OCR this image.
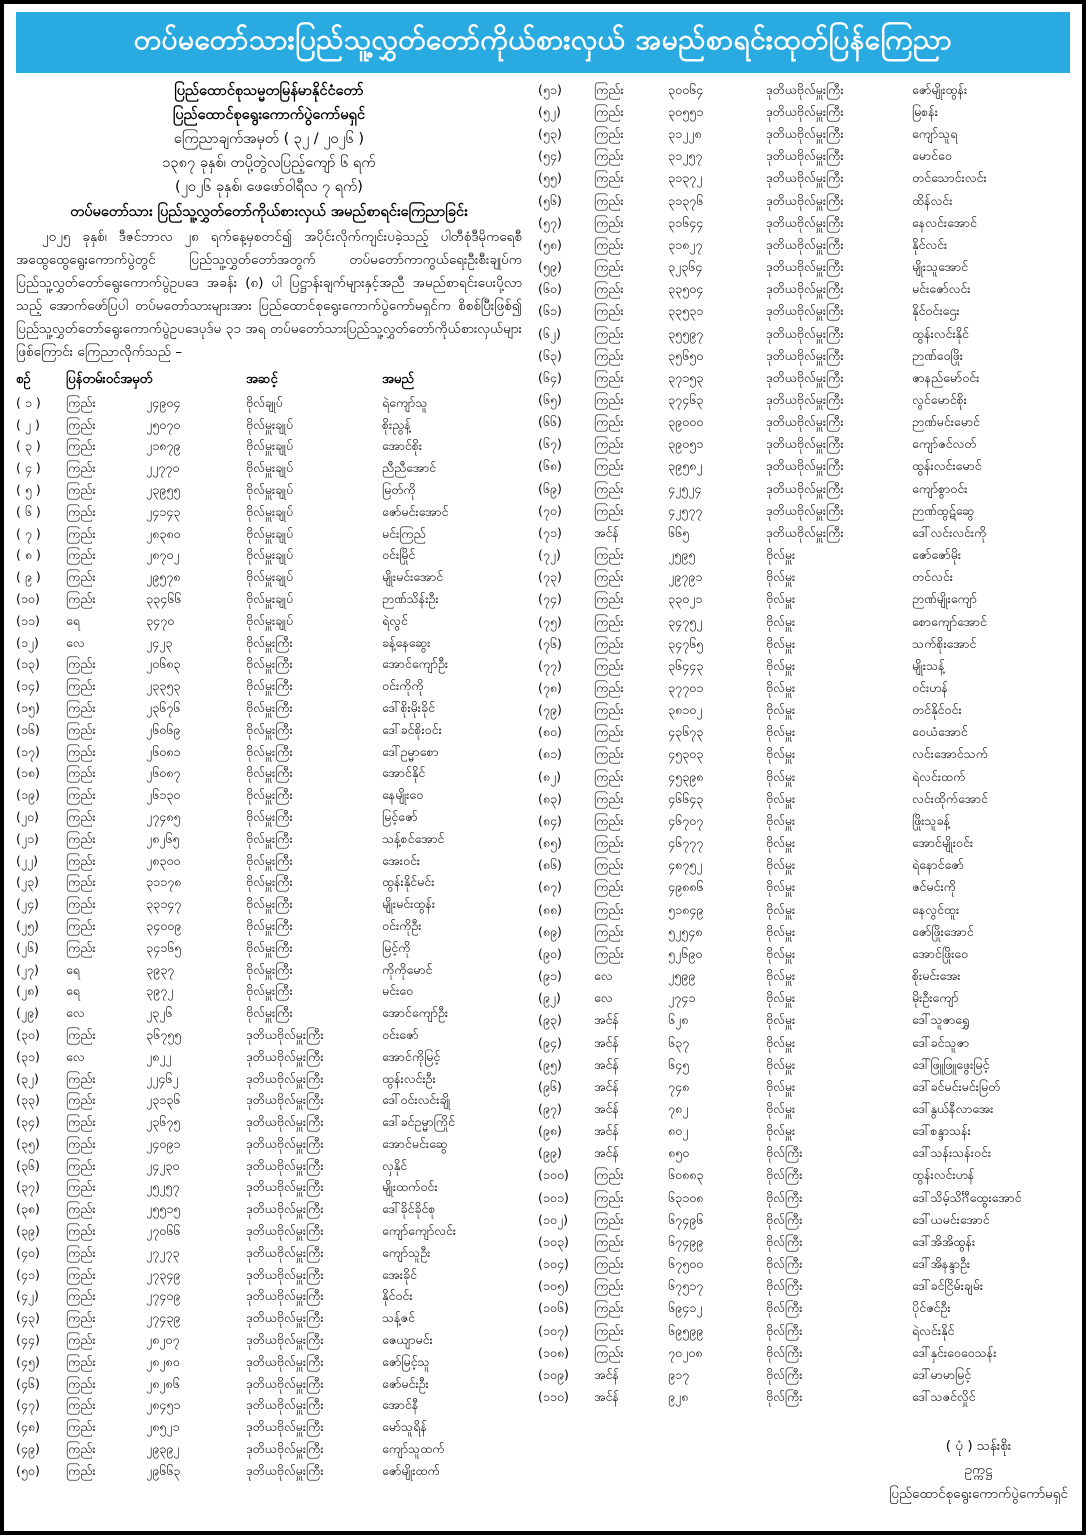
တပ်မတော်သားပြည်သူ့လွှတ်တော်ကိုယ်စားလှယ် အမည်စာရင်းထုတ်ပြန်ကြေညာ
ပြည်ထောင်စုသမ္မတမြန်မာနိုင်ငံတော်
ပြည်ထောင်စုရွေးကောက်ပွဲကော်မရှင်
ကြေညာချက်အမှတ် ( ၃၂ / ၂၀၂၆ )
၁၃၈၇ ခုနှစ်၊ တပို့တွဲလပြည့်ကျော် ၆ ရက်
(၂၀၂၆ ခုနှစ်၊ ဖေဖော်ဝါရီလ ၇ ရက်)
တပ်မတော်သား ပြည်သူ့လွှတ်တော်ကိုယ်စားလှယ် အမည်စာရင်းကြေညာခြင်း
၂၀၂၅ ခုနှစ်၊ ဒီဇင်ဘာလ ၂၈ ရက်နေ့မှစတင်၍ အပိုင်းလိုက်ကျင်းပခဲ့သည့် ပါတီစုံဒီမိုကရေစီ အထွေထွေရွေးကောက်ပွဲတွင် ပြည်သူ့လွှတ်တော်အတွက် တပ်မတော်ကာကွယ်ရေးဦးစီးချုပ်က ပြည်သူ့လွှတ်တော်ရွေးကောက်ပွဲဥပဒေ အခန်း (၈) ပါ ပြဋ္ဌာန်းချက်များနှင့်အညီ အမည်စာရင်းပေးပို့လာသည့် အောက်ဖော်ပြပါ တပ်မတော်သားများအား ပြည်ထောင်စုရွေးကောက်ပွဲကော်မရှင်က စိစစ်ပြီးဖြစ်၍ ပြည်သူ့လွှတ်တော်ရွေးကောက်ပွဲဥပဒေပုဒ်မ ၃၁ အရ တပ်မတော်သားပြည်သူ့လွှတ်တော်ကိုယ်စားလှယ်များဖြစ်ကြောင်း ကြေညာလိုက်သည် –
စဉ်	ပြန်တမ်းဝင်အမှတ်	အဆင့်	အမည်
( ၁ )	ကြည်း	၂၄၉၀၄	ဗိုလ်ချုပ်	ရဲကျော်သူ
( ၂ )	ကြည်း	၂၅၀၇၀	ဗိုလ်မှူးချုပ်	စိုးညွန့်
( ၃ )	ကြည်း	၂၁၈၇၉	ဗိုလ်မှူးချုပ်	အောင်စိုး
( ၄ )	ကြည်း	၂၂၇၇၀	ဗိုလ်မှူးချုပ်	ညီညီအောင်
( ၅ )	ကြည်း	၂၃၉၅၅	ဗိုလ်မှူးချုပ်	မြတ်ကို
( ၆ )	ကြည်း	၂၄၁၄၃	ဗိုလ်မှူးချုပ်	ဇော်မင်းအောင်
( ၇ )	ကြည်း	၂၈၃၈၀	ဗိုလ်မှူးချုပ်	မင်းကြည်
( ၈ )	ကြည်း	၂၈၇၀၂	ဗိုလ်မှူးချုပ်	ဝင်းမြိုင်
( ၉ )	ကြည်း	၂၉၅၇၈	ဗိုလ်မှူးချုပ်	မျိုးမင်းအောင်
(၁၀)	ကြည်း	၃၃၄၆၆	ဗိုလ်မှူးချုပ်	ဉာဏ်သိန်းဦး
(၁၁)	ရေ	၃၄၇၀	ဗိုလ်မှူးချုပ်	ရဲလွင်
(၁၂)	လေ	၂၄၂၃	ဗိုလ်မှူးကြီး	ခန့်နေဆွေး
(၁၃)	ကြည်း	၂၀၆၈၃	ဗိုလ်မှူးကြီး	အောင်ကျော်ဦး
(၁၄)	ကြည်း	၂၃၃၅၃	ဗိုလ်မှူးကြီး	ဝင်းကိုကို
(၁၅)	ကြည်း	၂၃၆၇၆	ဗိုလ်မှူးကြီး	ဒေါ်စိုးမိုးခိုင်
(၁၆)	ကြည်း	၂၆၀၆၉	ဗိုလ်မှူးကြီး	ဒေါ်ခင်စိုးဝင်း
(၁၇)	ကြည်း	၂၆၀၈၁	ဗိုလ်မှူးကြီး	ဒေါ်ဥမ္မာစော
(၁၈)	ကြည်း	၂၆၀၈၇	ဗိုလ်မှူးကြီး	အောင်နိုင်
(၁၉)	ကြည်း	၂၆၁၃၀	ဗိုလ်မှူးကြီး	နေမျိုးဝေ
(၂၀)	ကြည်း	၂၇၄၈၅	ဗိုလ်မှူးကြီး	မြင့်ဇော်
(၂၁)	ကြည်း	၂၈၂၆၅	ဗိုလ်မှူးကြီး	သန့်စင်အောင်
(၂၂)	ကြည်း	၂၈၃၀၀	ဗိုလ်မှူးကြီး	အေးဝင်း
(၂၃)	ကြည်း	၃၁၁၇၈	ဗိုလ်မှူးကြီး	ထွန်းနိုင်မင်း
(၂၄)	ကြည်း	၃၃၁၄၇	ဗိုလ်မှူးကြီး	မျိုးမင်းထွန်း
(၂၅)	ကြည်း	၃၄၀၀၉	ဗိုလ်မှူးကြီး	ဝင်းကိုဦး
(၂၆)	ကြည်း	၃၄၁၆၅	ဗိုလ်မှူးကြီး	မြင့်ကို
(၂၇)	ရေ	၃၉၃၇	ဗိုလ်မှူးကြီး	ကိုကိုမောင်
(၂၈)	ရေ	၃၉၇၂	ဗိုလ်မှူးကြီး	မင်းဝေ
(၂၉)	လေ	၂၃၂၆	ဗိုလ်မှူးကြီး	အောင်ကျော်ဦး
(၃၀)	ကြည်း	၃၆၇၅၅	ဒုတိယဗိုလ်မှူးကြီး	ဝင်းဇော်
(၃၁)	လေ	၂၈၂၂	ဒုတိယဗိုလ်မှူးကြီး	အောင်ကိုမြင့်
(၃၂)	ကြည်း	၂၂၄၆၂	ဒုတိယဗိုလ်မှူးကြီး	ထွန်းလင်းဦး
(၃၃)	ကြည်း	၂၃၁၃၆	ဒုတိယဗိုလ်မှူးကြီး	ဒေါ်ဝင်းလင်းချို
(၃၄)	ကြည်း	၂၃၆၇၅	ဒုတိယဗိုလ်မှူးကြီး	ဒေါ်ခင်ဥမ္မာကြိုင်
(၃၅)	ကြည်း	၂၄၀၉၁	ဒုတိယဗိုလ်မှူးကြီး	အောင်မင်းဆွေ
(၃၆)	ကြည်း	၂၄၂၃၀	ဒုတိယဗိုလ်မှူးကြီး	လှနိုင်
(၃၇)	ကြည်း	၂၅၂၅၇	ဒုတိယဗိုလ်မှူးကြီး	မျိုးထက်ဝင်း
(၃၈)	ကြည်း	၂၅၅၁၅	ဒုတိယဗိုလ်မှူးကြီး	ဒေါ်ခိုင်ခိုင်စု
(၃၉)	ကြည်း	၂၇၀၆၆	ဒုတိယဗိုလ်မှူးကြီး	ကျော်ကျော်လင်း
(၄၀)	ကြည်း	၂၇၂၇၃	ဒုတိယဗိုလ်မှူးကြီး	ကျော်သူဦး
(၄၁)	ကြည်း	၂၇၃၄၉	ဒုတိယဗိုလ်မှူးကြီး	အေးခိုင်
(၄၂)	ကြည်း	၂၇၄၀၉	ဒုတိယဗိုလ်မှူးကြီး	နိုင်ဝင်း
(၄၃)	ကြည်း	၂၇၄၃၉	ဒုတိယဗိုလ်မှူးကြီး	သန့်ဇင်
(၄၄)	ကြည်း	၂၈၂၀၇	ဒုတိယဗိုလ်မှူးကြီး	ဇေယျာမင်း
(၄၅)	ကြည်း	၂၈၂၈၀	ဒုတိယဗိုလ်မှူးကြီး	ဇော်မြင့်သူ
(၄၆)	ကြည်း	၂၈၂၈၆	ဒုတိယဗိုလ်မှူးကြီး	ဇော်မင်းဦး
(၄၇)	ကြည်း	၂၈၄၅၁	ဒုတိယဗိုလ်မှူးကြီး	အောင်နီ
(၄၈)	ကြည်း	၂၈၅၂၁	ဒုတိယဗိုလ်မှူးကြီး	မော်သူရိန်
(၄၉)	ကြည်း	၂၉၃၉၂	ဒုတိယဗိုလ်မှူးကြီး	ကျော်သူထက်
(၅၀)	ကြည်း	၂၉၆၆၃	ဒုတိယဗိုလ်မှူးကြီး	ဇော်မျိုးထက်
(၅၁)	ကြည်း	၃၀၀၆၄	ဒုတိယဗိုလ်မှူးကြီး	ဇော်မျိုးထွန်း
(၅၂)	ကြည်း	၃၀၅၅၁	ဒုတိယဗိုလ်မှူးကြီး	မြစန်း
(၅၃)	ကြည်း	၃၁၂၂၈	ဒုတိယဗိုလ်မှူးကြီး	ကျော်သူရ
(၅၄)	ကြည်း	၃၁၂၅၇	ဒုတိယဗိုလ်မှူးကြီး	မောင်ဝေ
(၅၅)	ကြည်း	၃၁၃၇၂	ဒုတိယဗိုလ်မှူးကြီး	တင်သောင်းလင်း
(၅၆)	ကြည်း	၃၁၃၇၆	ဒုတိယဗိုလ်မှူးကြီး	ထိန်လင်း
(၅၇)	ကြည်း	၃၁၆၄၄	ဒုတိယဗိုလ်မှူးကြီး	နေလင်းအောင်
(၅၈)	ကြည်း	၃၁၈၂၇	ဒုတိယဗိုလ်မှူးကြီး	နိုင်လင်း
(၅၉)	ကြည်း	၃၂၃၆၄	ဒုတိယဗိုလ်မှူးကြီး	မျိုးသူအောင်
(၆၀)	ကြည်း	၃၃၅၀၄	ဒုတိယဗိုလ်မှူးကြီး	မင်းဇော်လင်း
(၆၁)	ကြည်း	၃၃၅၃၁	ဒုတိယဗိုလ်မှူးကြီး	နိုင်ဝင်းဌေး
(၆၂)	ကြည်း	၃၅၅၉၇	ဒုတိယဗိုလ်မှူးကြီး	ထွန်းလင်းနိုင်
(၆၃)	ကြည်း	၃၅၆၅၀	ဒုတိယဗိုလ်မှူးကြီး	ဉာဏ်ဝေဖြိုး
(၆၄)	ကြည်း	၃၇၁၅၃	ဒုတိယဗိုလ်မှူးကြီး	ဇာနည်မော်ဝင်း
(၆၅)	ကြည်း	၃၇၄၆၃	ဒုတိယဗိုလ်မှူးကြီး	လွင်မောင်စိုး
(၆၆)	ကြည်း	၃၉၀၀၀	ဒုတိယဗိုလ်မှူးကြီး	ဉာဏ်မင်းမောင်
(၆၇)	ကြည်း	၃၉၀၅၁	ဒုတိယဗိုလ်မှူးကြီး	ကျော်ဇင်လတ်
(၆၈)	ကြည်း	၃၉၅၈၂	ဒုတိယဗိုလ်မှူးကြီး	ထွန်းလင်းမောင်
(၆၉)	ကြည်း	၄၂၅၂၄	ဒုတိယဗိုလ်မှူးကြီး	ကျော်စွာဝင်း
(၇၀)	ကြည်း	၄၂၅၇၇	ဒုတိယဗိုလ်မှူးကြီး	ဉာဏ်ထွဋ်ဆွေ
(၇၁)	အင်န်	၆၆၅	ဒုတိယဗိုလ်မှူးကြီး	ဒေါ်လင်းလင်းကို
(၇၂)	ကြည်း	၂၅၉၅	ဗိုလ်မှူး	ဇော်ဇော်မိုး
(၇၃)	ကြည်း	၂၉၇၉၁	ဗိုလ်မှူး	တင်လင်း
(၇၄)	ကြည်း	၃၃၀၂၁	ဗိုလ်မှူး	ဉာဏ်မျိုးကျော်
(၇၅)	ကြည်း	၃၄၇၅၂	ဗိုလ်မှူး	စောကျော်အောင်
(၇၆)	ကြည်း	၃၄၇၆၅	ဗိုလ်မှူး	သက်စိုးအောင်
(၇၇)	ကြည်း	၃၆၄၄၃	ဗိုလ်မှူး	မျိုးသန့်
(၇၈)	ကြည်း	၃၇၇၀၁	ဗိုလ်မှူး	ဝင်းဟန်
(၇၉)	ကြည်း	၃၈၁၀၂	ဗိုလ်မှူး	တင်နိုင်ဝင်း
(၈၀)	ကြည်း	၄၃၆၇၃	ဗိုလ်မှူး	ဝေယံအောင်
(၈၁)	ကြည်း	၄၅၃၀၃	ဗိုလ်မှူး	လင်းအောင်သက်
(၈၂)	ကြည်း	၄၅၃၉၈	ဗိုလ်မှူး	ရဲလင်းထက်
(၈၃)	ကြည်း	၄၆၆၄၃	ဗိုလ်မှူး	လင်းထိုက်အောင်
(၈၄)	ကြည်း	၄၆၇၀၇	ဗိုလ်မှူး	ဖြိုးသူခန့်
(၈၅)	ကြည်း	၄၆၇၇၇	ဗိုလ်မှူး	အောင်မျိုးဝင်း
(၈၆)	ကြည်း	၄၈၇၅၂	ဗိုလ်မှူး	ရဲနောင်ဇော်
(၈၇)	ကြည်း	၄၉၈၈၆	ဗိုလ်မှူး	ဇင်မင်းကို
(၈၈)	ကြည်း	၅၁၈၄၉	ဗိုလ်မှူး	နေလွင်ထူး
(၈၉)	ကြည်း	၅၂၅၄၈	ဗိုလ်မှူး	ဇော်ဖြိုးအောင်
(၉၀)	ကြည်း	၅၂၆၉၀	ဗိုလ်မှူး	အောင်ဖြိုးဝေ
(၉၁)	လေ	၂၅၉၉	ဗိုလ်မှူး	စိုးမင်းအေး
(၉၂)	လေ	၂၇၄၁	ဗိုလ်မှူး	မိုးဦးကျော်
(၉၃)	အင်န်	၆၂၈	ဗိုလ်မှူး	ဒေါ်သူဇာရွှေ
(၉၄)	အင်န်	၆၃၇	ဗိုလ်မှူး	ဒေါ်ခင်သူဇာ
(၉၅)	အင်န်	၆၄၅	ဗိုလ်မှူး	ဒေါ်ဖြူဖြူဖွေးမြင့်
(၉၆)	အင်န်	၇၄၈	ဗိုလ်မှူး	ဒေါ်ခင်မင်းမင်းမြတ်
(၉၇)	အင်န်	၇၈၂	ဗိုလ်မှူး	ဒေါ်နွယ်နီလာအေး
(၉၈)	အင်န်	၈၀၂	ဗိုလ်မှူး	ဒေါ်စန္ဒာသန်း
(၉၉)	အင်န်	၈၅၀	ဗိုလ်ကြီး	ဒေါ်သန်းသန်းဝင်း
(၁၀၀)	ကြည်း	၆၀၈၈၃	ဗိုလ်ကြီး	ထွန်းလင်းဟန်
(၁၀၁)	ကြည်း	၆၃၁၀၈	ဗိုလ်ကြီး	ဒေါ်သိမ့်သိင်္ဂီထွေးအောင်
(၁၀၂)	ကြည်း	၆၇၄၉၆	ဗိုလ်ကြီး	ဒေါ်ယမင်းအောင်
(၁၀၃)	ကြည်း	၆၇၄၉၉	ဗိုလ်ကြီး	ဒေါ်အိအိထွန်း
(၁၀၄)	ကြည်း	၆၇၅၀၀	ဗိုလ်ကြီး	ဒေါ်အိနန္ဒာဦး
(၁၀၅)	ကြည်း	၆၇၅၁၇	ဗိုလ်ကြီး	ဒေါ်ခင်ငြိမ်းချမ်း
(၁၀၆)	ကြည်း	၆၉၄၁၂	ဗိုလ်ကြီး	ပိုင်ဇင်ဦး
(၁၀၇)	ကြည်း	၆၉၅၉၉	ဗိုလ်ကြီး	ရဲလင်းနိုင်
(၁၀၈)	ကြည်း	၇၀၂၀၈	ဗိုလ်ကြီး	ဒေါ်နှင်းဝေဝေသန်း
(၁၀၉)	အင်န်	၉၁၇	ဗိုလ်ကြီး	ဒေါ်မာမာမြင့်
(၁၁၀)	အင်န်	၉၂၈	ဗိုလ်ကြီး	ဒေါ်သဇင်လှိုင်
( ပုံ ) သန်းစိုး
ဥက္ကဋ္ဌ
ပြည်ထောင်စုရွေးကောက်ပွဲကော်မရှင်
